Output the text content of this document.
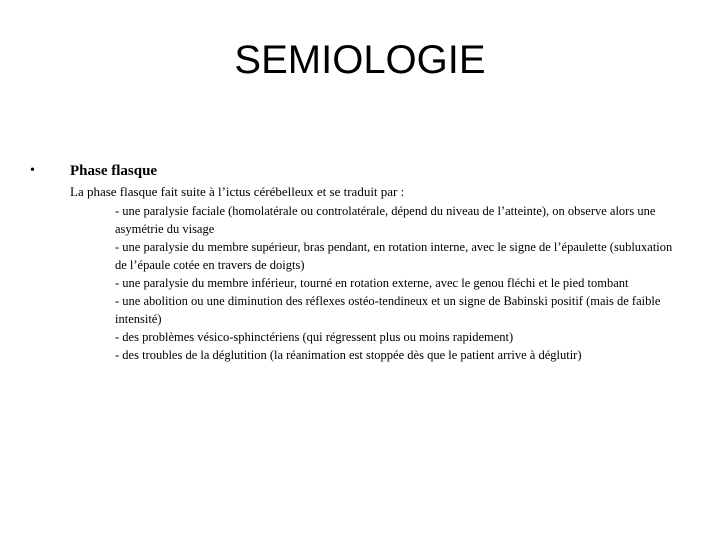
SEMIOLOGIE
• Phase flasque
La phase flasque fait suite à l’ictus cérébelleux et se traduit par :
- une paralysie faciale (homolatérale ou controlatérale, dépend du niveau de l’atteinte), on observe alors une asymétrie du visage
- une paralysie du membre supérieur, bras pendant, en rotation interne, avec le signe de l’épaulette (subluxation de l’épaule cotée en travers de doigts)
- une paralysie du membre inférieur, tourné en rotation externe, avec le genou fléchi et le pied tombant
- une abolition ou une diminution des réflexes ostéo-tendineux et un signe de Babinski positif (mais de faible intensité)
- des problèmes vésico-sphinctériens (qui régressent plus ou moins rapidement)
- des troubles de la déglutition (la réanimation est stoppée dès que le patient arrive à déglutir)
